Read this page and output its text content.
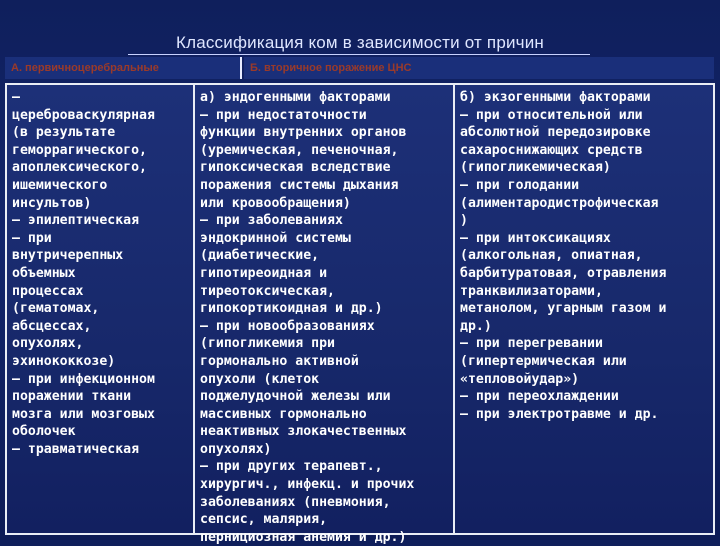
Классификация ком в зависимости от причин
А. первичноцеребральные	Б. вторичное поражение ЦНС
—
цереброваскулярная
(в результате
геморрагического,
апоплексического,
ишемического
инсультов)
— эпилептическая
— при
внутричерепных
объемных
процессах
(гематомах,
абсцессах,
опухолях,
эхинококкозе)
— при инфекционном
поражении ткани
мозга или мозговых
оболочек
— травматическая
а) эндогенными факторами
— при недостаточности
функции внутренних органов
(уремическая, печеночная,
гипоксическая вследствие
поражения системы дыхания
или кровообращения)
— при заболеваниях
эндокринной системы
(диабетические,
гипотиреоидная и
тиреотоксическая,
гипокортикоидная и др.)
— при новообразованиях
(гипогликемия при
гормонально активной
опухоли (клеток
поджелудочной железы или
массивных гормонально
неактивных злокачественных
опухолях)
— при других терапевт.,
хирургич., инфекц. и прочих
заболеваниях (пневмония,
сепсис, малярия,
пернициозная анемия и др.)
б) экзогенными факторами
— при относительной или
абсолютной передозировке
сахароснижающих средств
(гипогликемическая)
— при голодании
(алиментародистрофическая
)
— при интоксикациях
(алкогольная, опиатная,
барбитуратовая, отравления
транквилизаторами,
метанолом, угарным газом и
др.)
— при перегревании
(гипертермическая или
«тепловойудар»)
— при переохлаждении
— при электротравме и др.
